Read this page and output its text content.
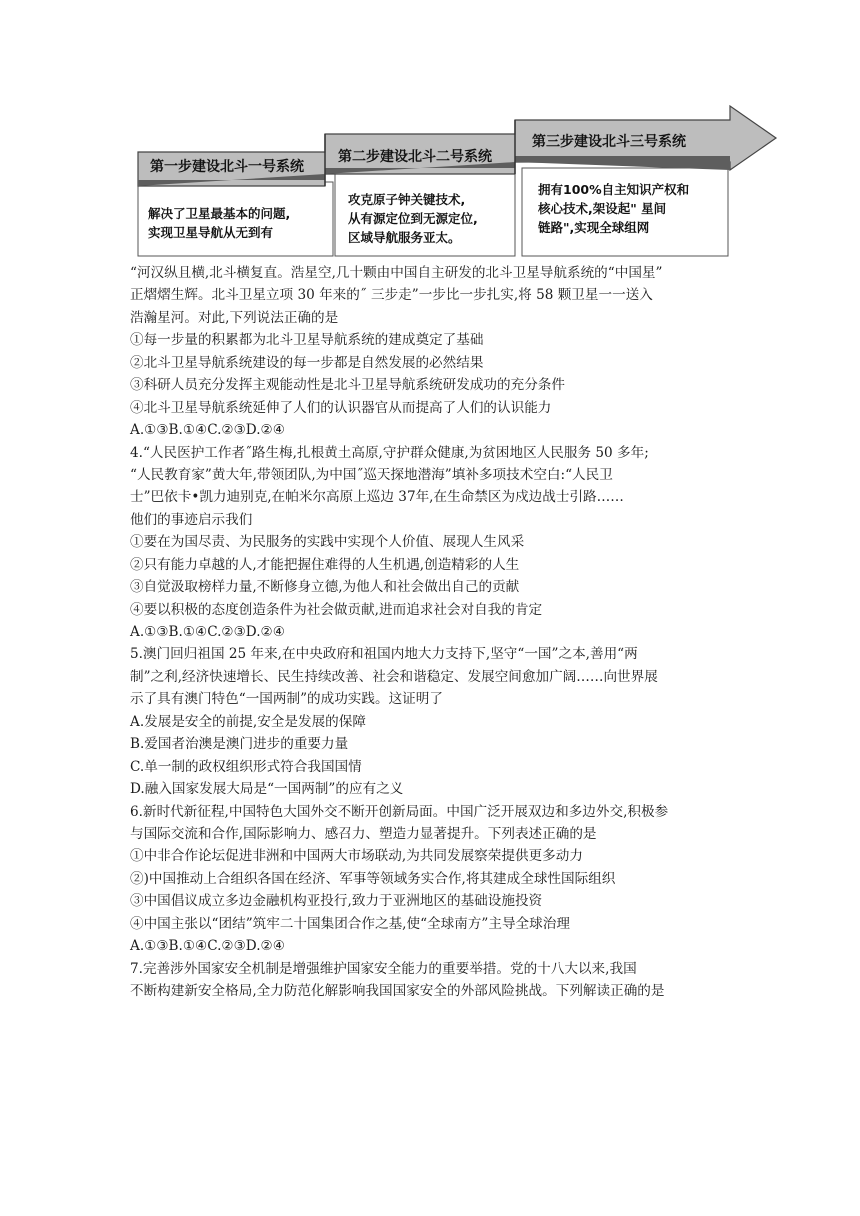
第一步建设北斗一号系统
第二步建设北斗二号系统
第三步建设北斗三号系统
解决了卫星最基本的问题,
实现卫星导航从无到有
攻克原子钟关键技术,
从有源定位到无源定位,
区域导航服务亚太。
拥有100%自主知识产权和
核心技术,架设起" 星间
链路",实现全球组网
“河汉纵且横,北斗横复直。浩星空,几十颗由中国自主研发的北斗卫星导航系统的“中国星”
正熠熠生辉。北斗卫星立项 30 年来的˝ 三步走”一步比一步扎实,将 58 颗卫星一一送入
浩瀚星河。对此,下列说法正确的是
①每一步量的积累都为北斗卫星导航系统的建成奠定了基础
②北斗卫星导航系统建设的每一步都是自然发展的必然结果
③科研人员充分发挥主观能动性是北斗卫星导航系统研发成功的充分条件
④北斗卫星导航系统延伸了人们的认识器官从而提高了人们的认识能力
A.①③B.①④C.②③D.②④
4.“人民医护工作者˝路生梅,扎根黄土高原,守护群众健康,为贫困地区人民服务 50 多年;
“人民教育家”黄大年,带领团队,为中国˝巡天探地潜海”填补多项技术空白:“人民卫
士”巴依卡•凯力迪别克,在帕米尔高原上巡边 37年,在生命禁区为戍边战士引路……
他们的事迹启示我们
①要在为国尽责、为民服务的实践中实现个人价值、展现人生风采
②只有能力卓越的人,才能把握住难得的人生机遇,创造精彩的人生
③自觉汲取榜样力量,不断修身立德,为他人和社会做出自己的贡献
④要以积极的态度创造条件为社会做贡献,进而追求社会对自我的肯定
A.①③B.①④C.②③D.②④
5.澳门回归祖国 25 年来,在中央政府和祖国内地大力支持下,坚守“一国”之本,善用“两
制”之利,经济快速增长、民生持续改善、社会和谐稳定、发展空间愈加广阔……向世界展
示了具有澳门特色“一国两制”的成功实践。这证明了
A.发展是安全的前提,安全是发展的保障
B.爱国者治澳是澳门进步的重要力量
C.单一制的政权组织形式符合我国国情
D.融入国家发展大局是“一国两制”的应有之义
6.新时代新征程,中国特色大国外交不断开创新局面。中国广泛开展双边和多边外交,积极参
与国际交流和合作,国际影响力、感召力、塑造力显著提升。下列表述正确的是
①中非合作论坛促进非洲和中国两大市场联动,为共同发展察荣提供更多动力
②)中国推动上合组织各国在经济、军事等领域务实合作,将其建成全球性国际组织
③中国倡议成立多边金融机构亚投行,致力于亚洲地区的基础设施投资
④中国主张以“团结”筑牢二十国集团合作之基,使“全球南方”主导全球治理
A.①③B.①④C.②③D.②④
7.完善涉外国家安全机制是增强维护国家安全能力的重要举措。党的十八大以来,我国
不断构建新安全格局,全力防范化解影响我国国家安全的外部风险挑战。下列解读正确的是
